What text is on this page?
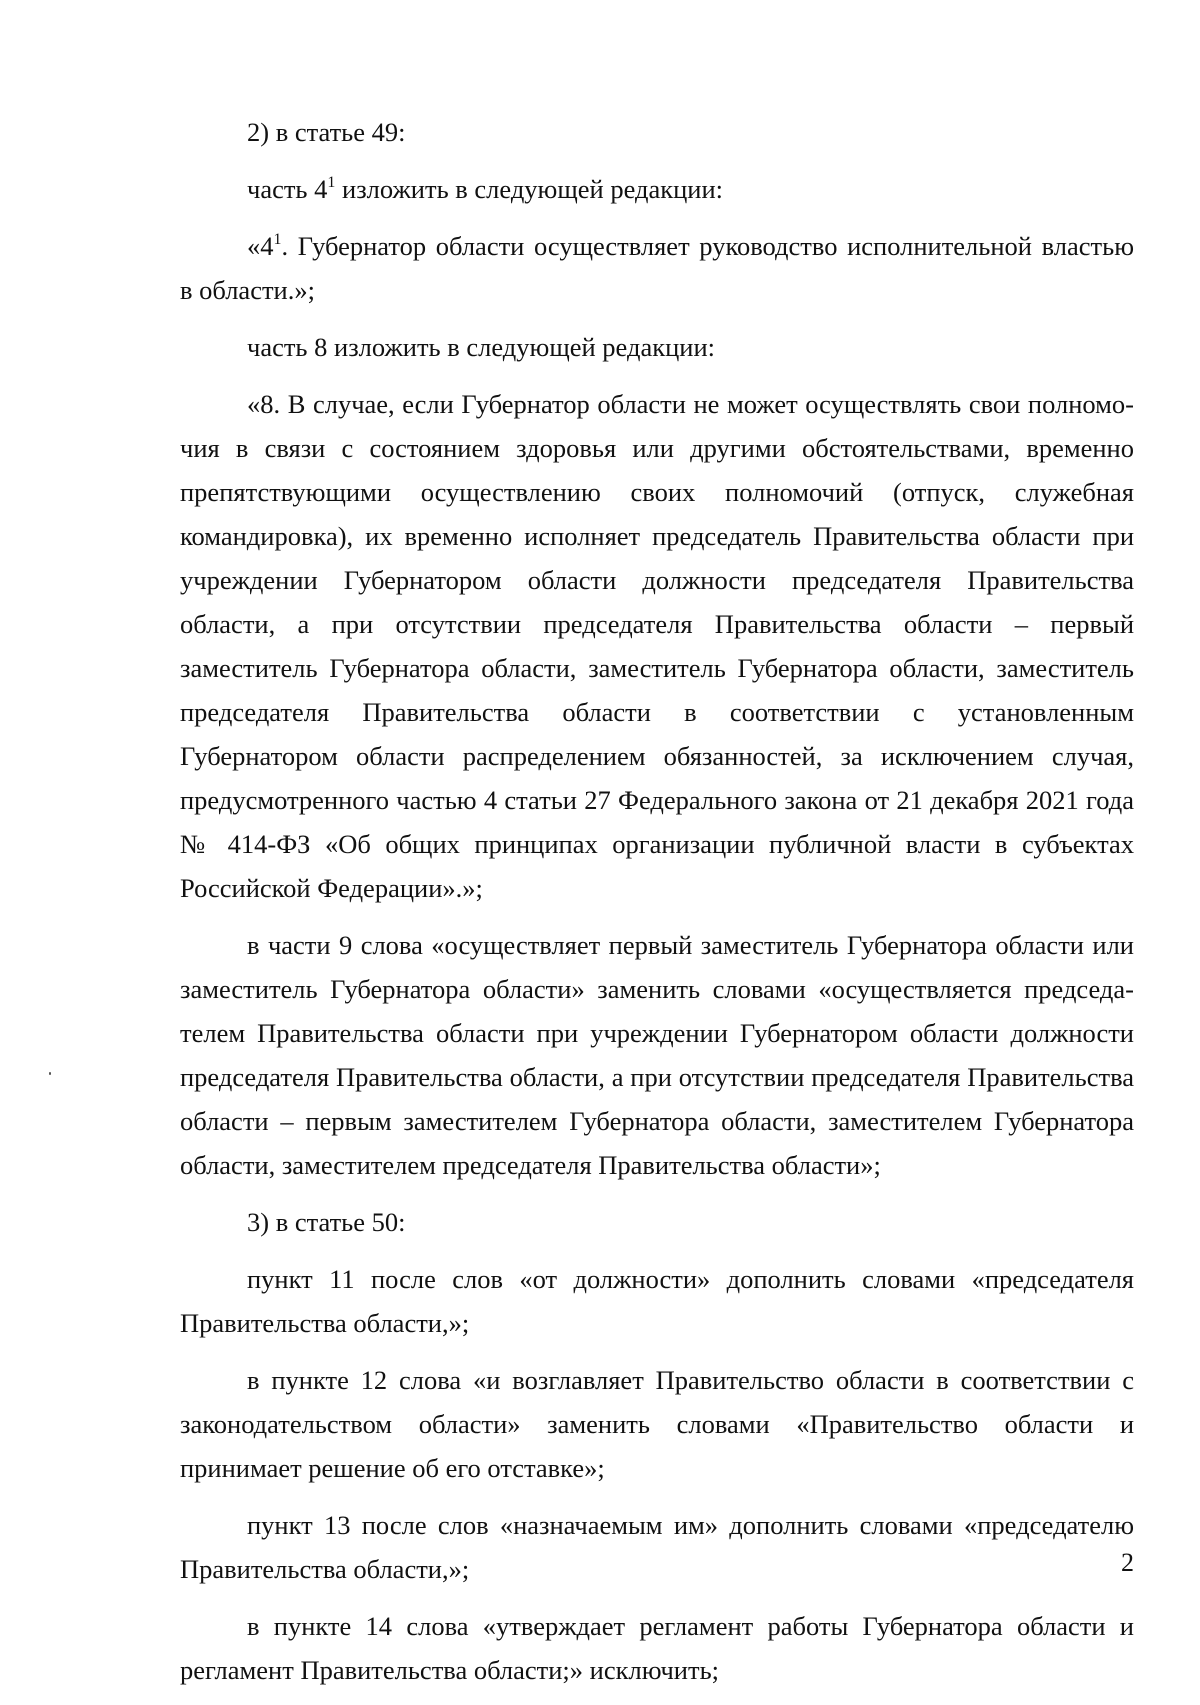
2) в статье 49:

часть $4^1$ изложить в следующей редакции:

«$4^1$. Губернатор области осуществляет руководство исполнительной властью в области.»;

часть 8 изложить в следующей редакции:

«8. В случае, если Губернатор области не может осуществлять свои полномочия в связи с состоянием здоровья или другими обстоятельствами, временно препятствующими осуществлению своих полномочий (отпуск, служебная командировка), их временно исполняет председатель Правительства области при учреждении Губернатором области должности председателя Правительства области, а при отсутствии председателя Правительства области – первый заместитель Губернатора области, заместитель Губернатора области, заместитель председателя Правительства области в соответствии с установленным Губернатором области распределением обязанностей, за исключением случая, предусмотренного частью 4 статьи 27 Федерального закона от 21 декабря 2021 года № 414-ФЗ «Об общих принципах организации публичной власти в субъектах Российской Федерации».»;

в части 9 слова «осуществляет первый заместитель Губернатора области или заместитель Губернатора области» заменить словами «осуществляется председателем Правительства области при учреждении Губернатором области должности председателя Правительства области, а при отсутствии председателя Правительства области – первым заместителем Губернатора области, заместителем Губернатора области, заместителем председателя Правительства области»;

3) в статье 50:

пункт 11 после слов «от должности» дополнить словами «председателя Правительства области,»;

в пункте 12 слова «и возглавляет Правительство области в соответствии с законодательством области» заменить словами «Правительство области и принимает решение об его отставке»;

пункт 13 после слов «назначаемым им» дополнить словами «председателю Правительства области,»;

в пункте 14 слова «утверждает регламент работы Губернатора области и регламент Правительства области;» исключить;

2
